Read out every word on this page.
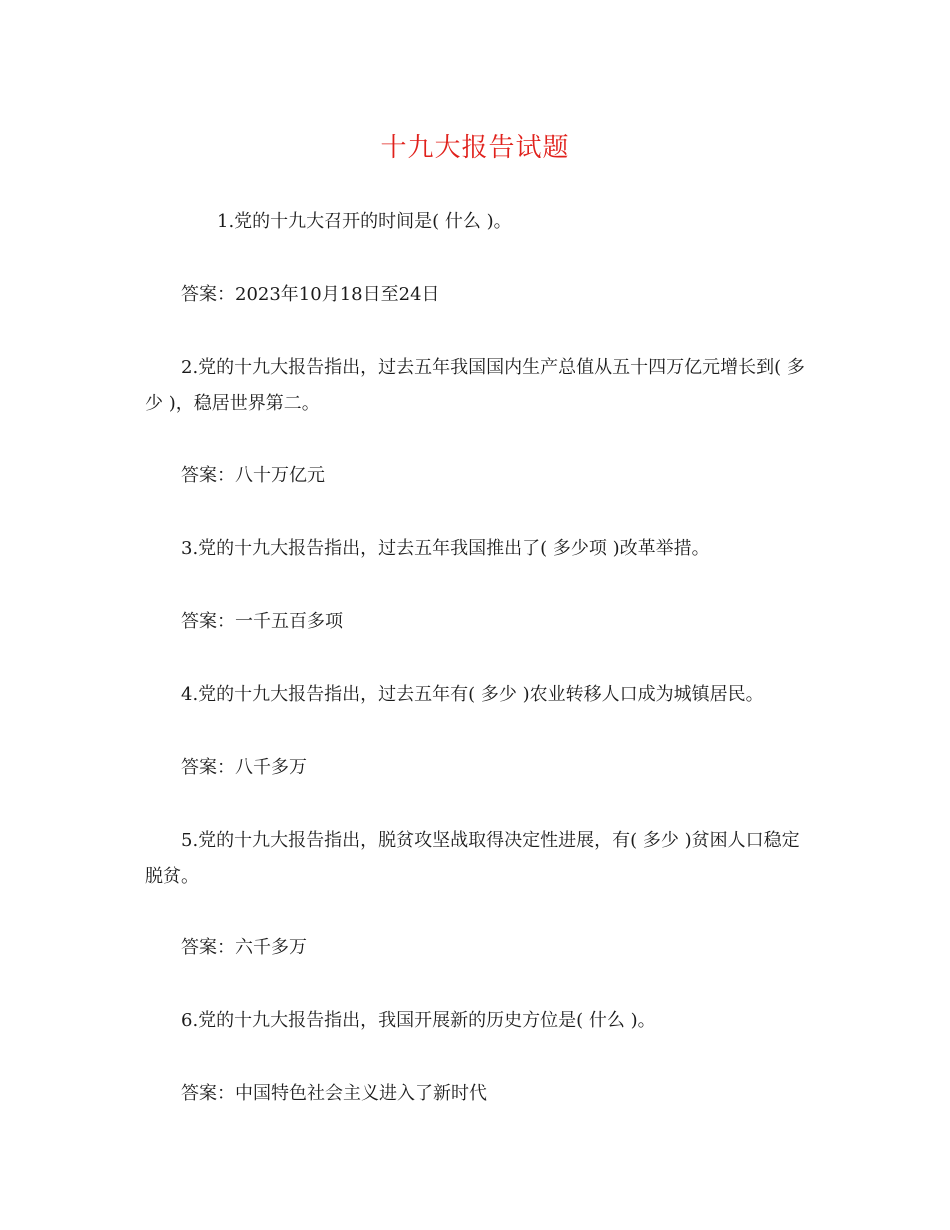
十九大报告试题

1.党的十九大召开的时间是( 什么 )。

答案：2023年10月18日至24日

2.党的十九大报告指出，过去五年我国国内生产总值从五十四万亿元增长到( 多少 )，稳居世界第二。

答案：八十万亿元

3.党的十九大报告指出，过去五年我国推出了( 多少项 )改革举措。

答案：一千五百多项

4.党的十九大报告指出，过去五年有( 多少 )农业转移人口成为城镇居民。

答案：八千多万

5.党的十九大报告指出，脱贫攻坚战取得决定性进展，有( 多少 )贫困人口稳定脱贫。

答案：六千多万

6.党的十九大报告指出，我国开展新的历史方位是( 什么 )。

答案：中国特色社会主义进入了新时代
